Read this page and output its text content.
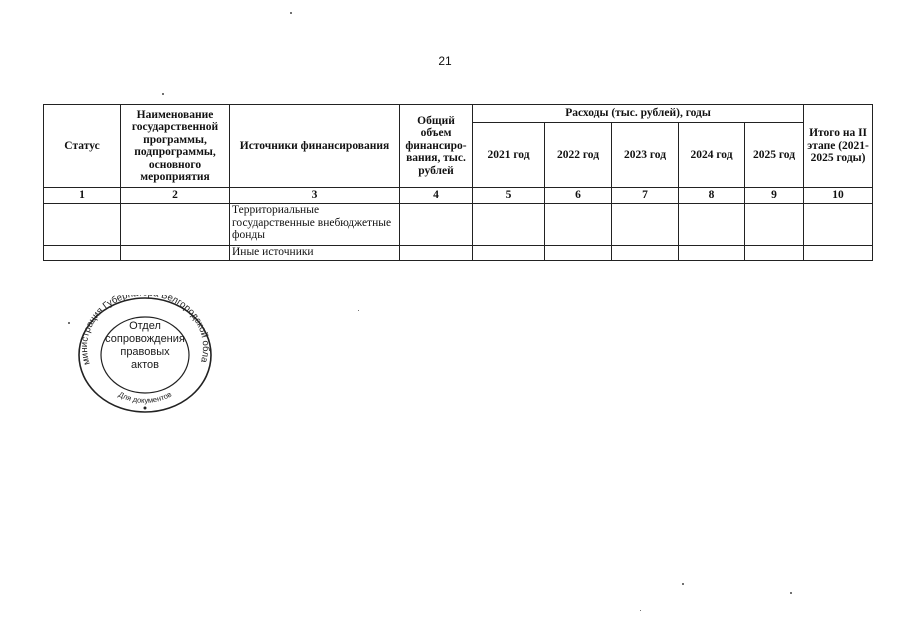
21
Статус	Наименование государственной программы, подпрограммы, основного мероприятия	Источники финансирования	Общий объем финансиро-вания, тыс. рублей	Расходы (тыс. рублей), годы					Итого на II этапе (2021-2025 годы)
				2021 год	2022 год	2023 год	2024 год	2025 год	
1	2	3	4	5	6	7	8	9	10
		Территориальные государственные внебюджетные фонды							
		Иные источники							
министрация Губер Белгородской обла
Для документов
Отдел сопровождения правовых актов
